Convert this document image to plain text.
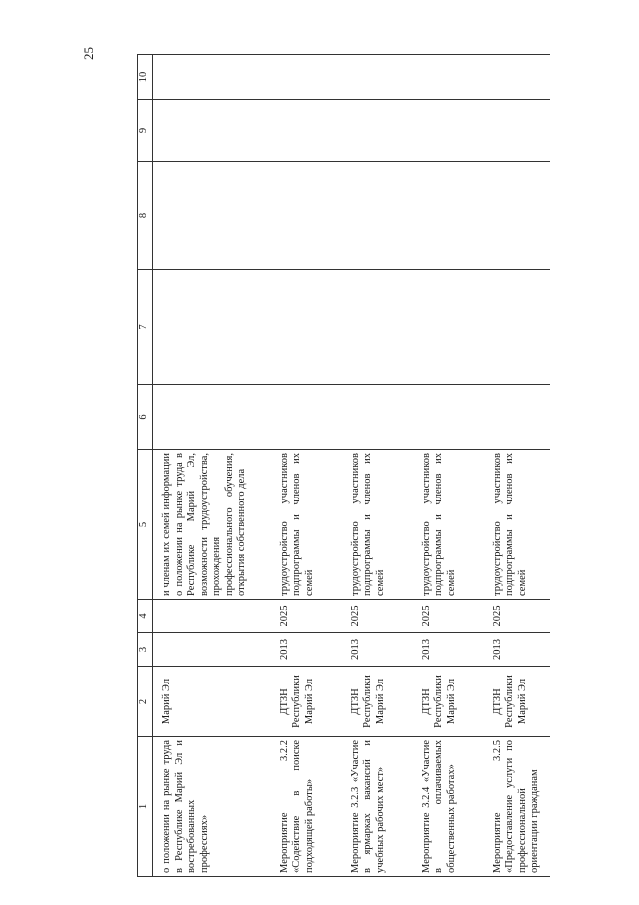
25
1	2	3	4	5	6	7	8	9	10
о положении на рынке труда в Республике Марий Эл и востребованных профессиях»	Марий Эл			и членам их семей информации о положении на рынке труда в Республике Марий Эл, возможности трудоустройства, прохождения профессионального обучения, открытия собственного дела					
Мероприятие 3.2.2 «Содействие в поиске подходящей работы»	ДТЗН Республики Марий Эл	2013	2025	трудоустройство участников подпрограммы и членов их семей					
Мероприятие 3.2.3 «Участие в ярмарках вакансий и учебных рабочих мест»	ДТЗН Республики Марий Эл	2013	2025	трудоустройство участников подпрограммы и членов их семей					
Мероприятие 3.2.4 «Участие в оплачиваемых общественных работах»	ДТЗН Республики Марий Эл	2013	2025	трудоустройство участников подпрограммы и членов их семей					
Мероприятие 3.2.5 «Предоставление услуги по профессиональной ориентации гражданам	ДТЗН Республики Марий Эл	2013	2025	трудоустройство участников подпрограммы и членов их семей					
